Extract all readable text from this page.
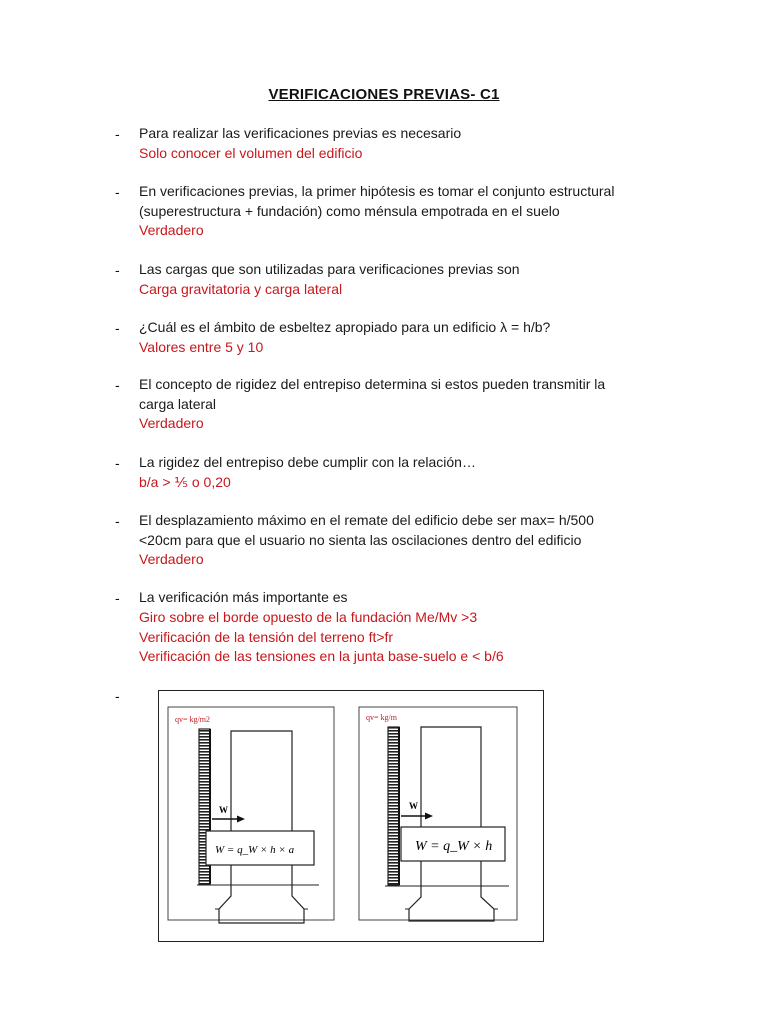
VERIFICACIONES PREVIAS- C1
- Para realizar las verificaciones previas es necesario
Solo conocer el volumen del edificio
- En verificaciones previas, la primer hipótesis es tomar el conjunto estructural
(superestructura + fundación) como ménsula empotrada en el suelo
Verdadero
- Las cargas que son utilizadas para verificaciones previas son
Carga gravitatoria y carga lateral
- ¿Cuál es el ámbito de esbeltez apropiado para un edificio λ = h/b?
Valores entre 5 y 10
- El concepto de rigidez del entrepiso determina si estos pueden transmitir la
carga lateral
Verdadero
- La rigidez del entrepiso debe cumplir con la relación…
b/a > ⅕ o 0,20
- El desplazamiento máximo en el remate del edificio debe ser max= h/500
<20cm para que el usuario no sienta las oscilaciones dentro del edificio
Verdadero
- La verificación más importante es
Giro sobre el borde opuesto de la fundación Me/Mv >3
Verificación de la tensión del terreno ft>fr
Verificación de las tensiones en la junta base-suelo e < b/6
-
qv= kg/m2
W
W = q_W × h × a
qv= kg/m
W
W = q_W × h
